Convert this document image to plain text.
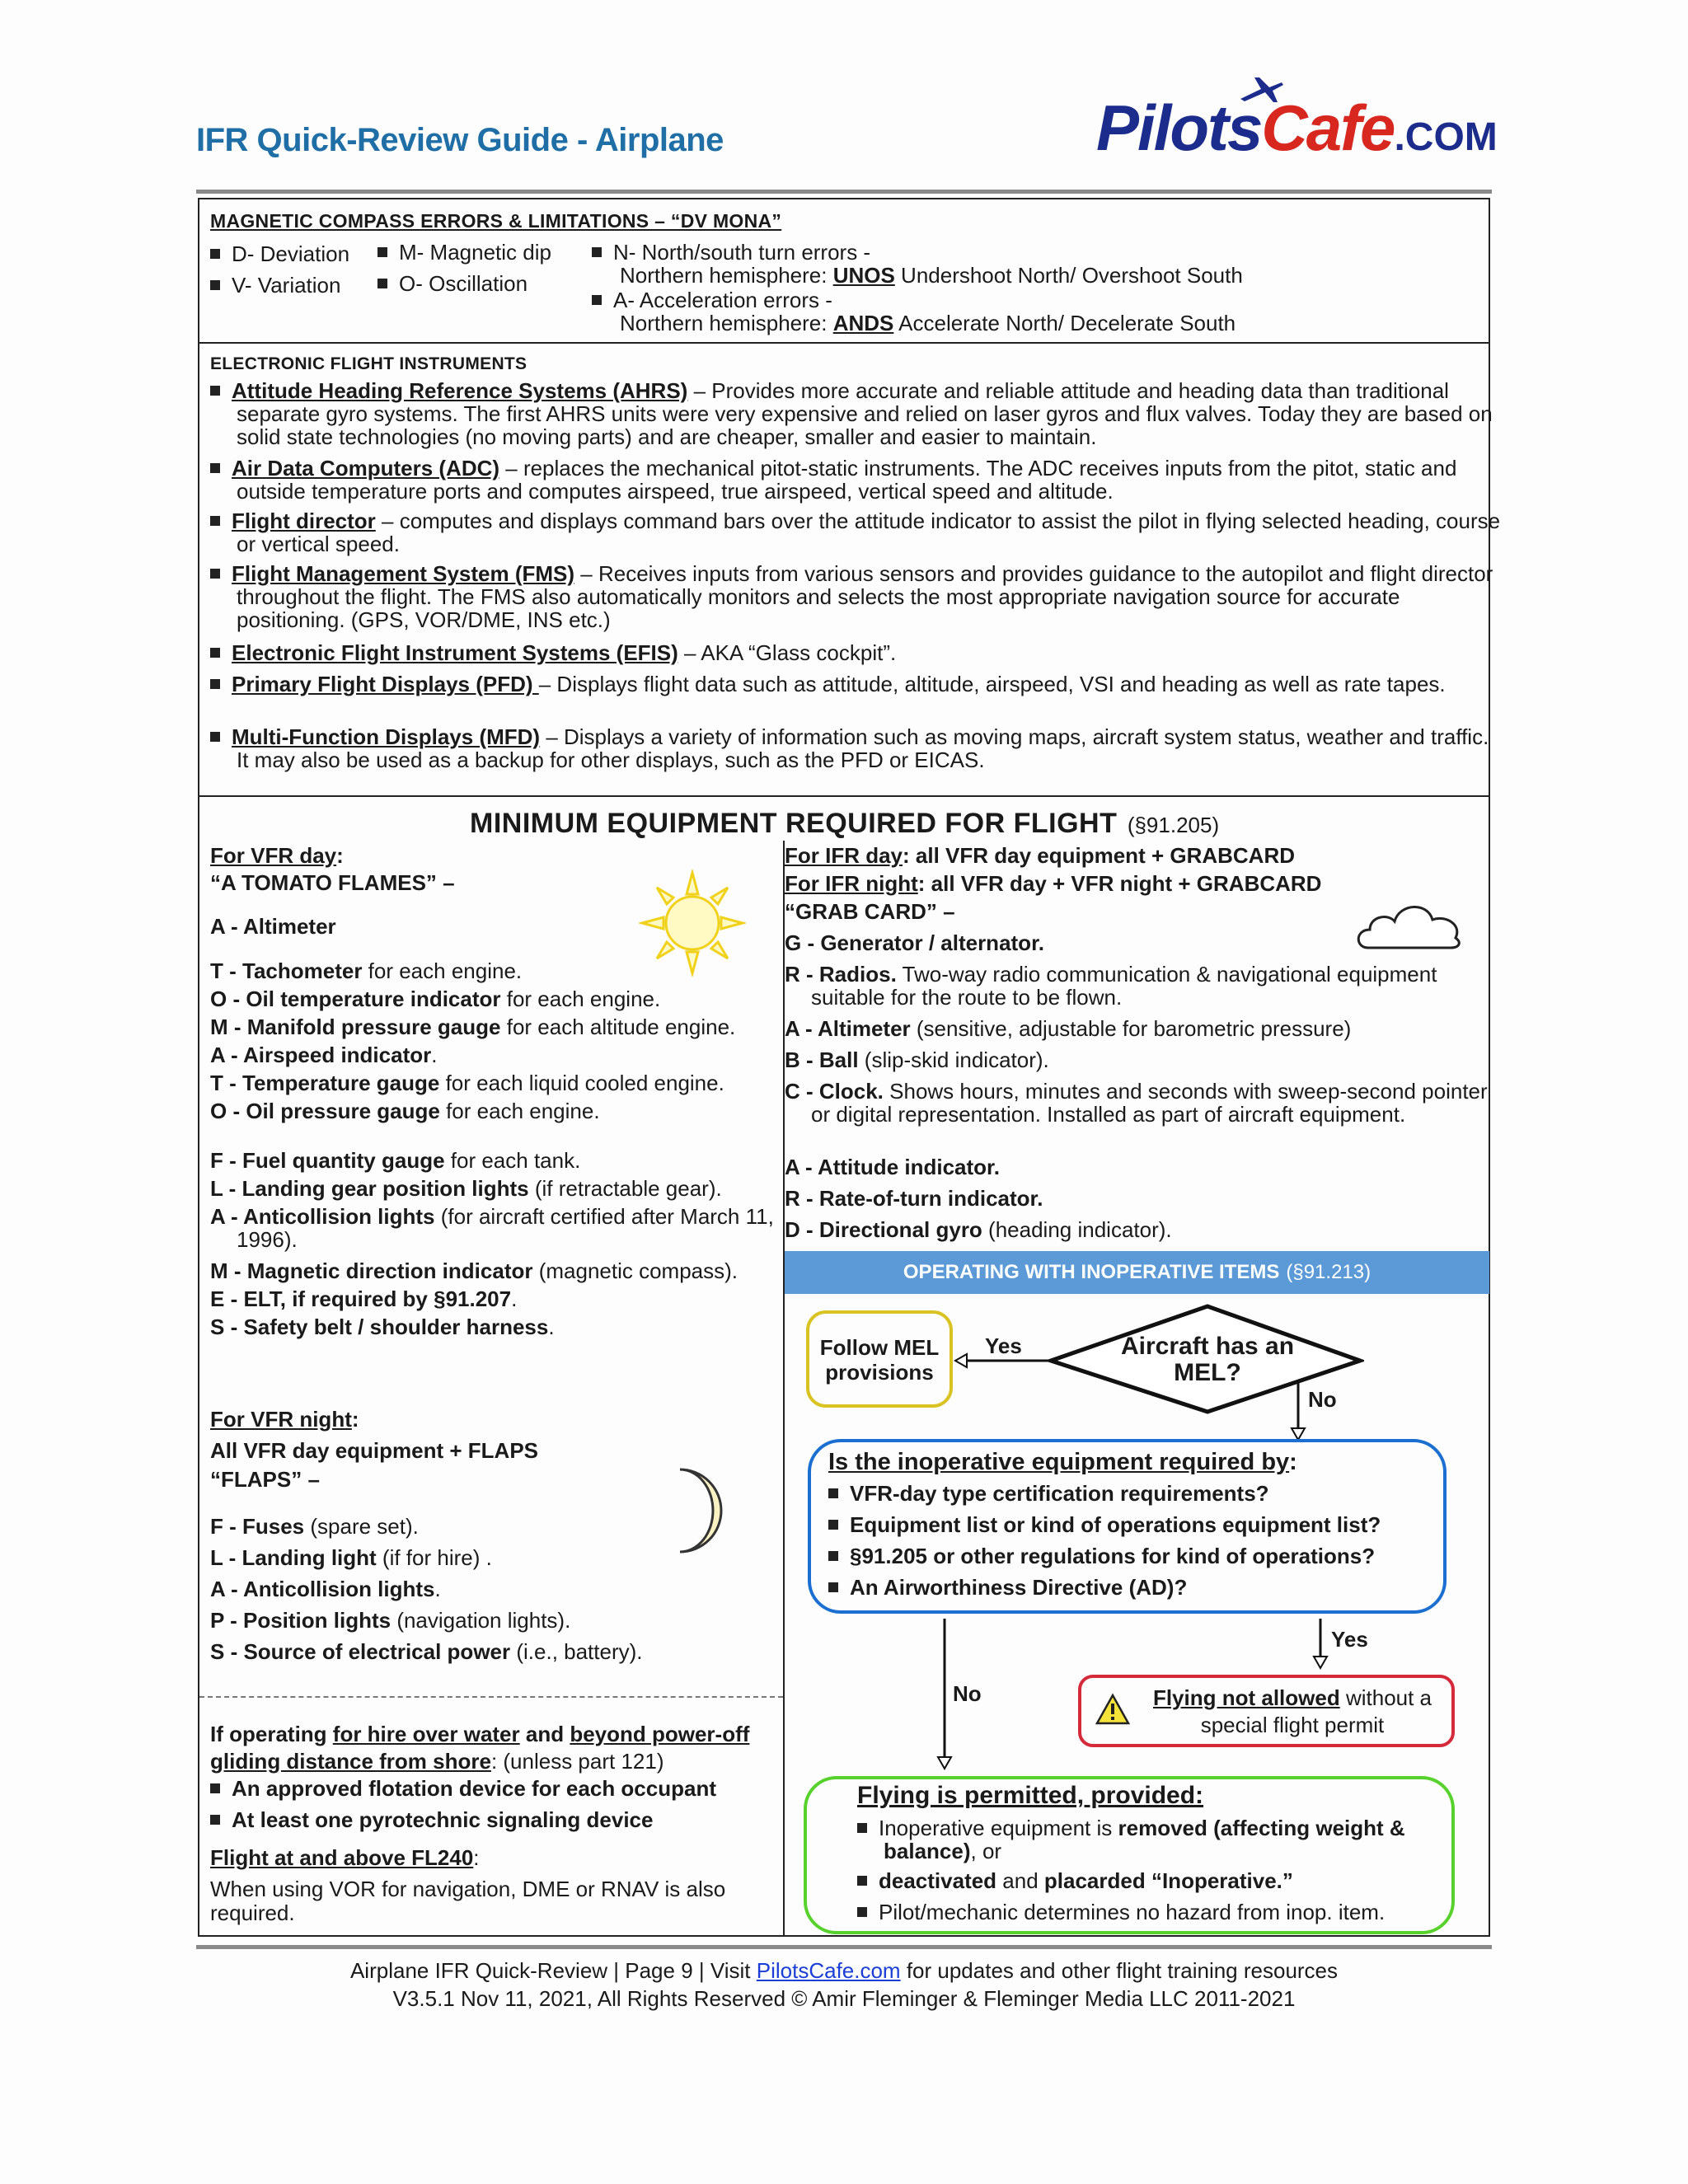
IFR Quick-Review Guide - Airplane	PilotsCafe.COM
MAGNETIC COMPASS ERRORS & LIMITATIONS – “DV MONA”
D- Deviation
V- Variation
M- Magnetic dip
O- Oscillation
N- North/south turn errors -
Northern hemisphere: UNOS Undershoot North/ Overshoot South
A- Acceleration errors -
Northern hemisphere: ANDS Accelerate North/ Decelerate South
ELECTRONIC FLIGHT INSTRUMENTS
Attitude Heading Reference Systems (AHRS) – Provides more accurate and reliable attitude and heading data than traditional separate gyro systems. The first AHRS units were very expensive and relied on laser gyros and flux valves. Today they are based on solid state technologies (no moving parts) and are cheaper, smaller and easier to maintain.
Air Data Computers (ADC) – replaces the mechanical pitot-static instruments. The ADC receives inputs from the pitot, static and outside temperature ports and computes airspeed, true airspeed, vertical speed and altitude.
Flight director – computes and displays command bars over the attitude indicator to assist the pilot in flying selected heading, course or vertical speed.
Flight Management System (FMS) – Receives inputs from various sensors and provides guidance to the autopilot and flight director throughout the flight. The FMS also automatically monitors and selects the most appropriate navigation source for accurate positioning. (GPS, VOR/DME, INS etc.)
Electronic Flight Instrument Systems (EFIS) – AKA “Glass cockpit”.
Primary Flight Displays (PFD) – Displays flight data such as attitude, altitude, airspeed, VSI and heading as well as rate tapes.
Multi-Function Displays (MFD) – Displays a variety of information such as moving maps, aircraft system status, weather and traffic. It may also be used as a backup for other displays, such as the PFD or EICAS.
MINIMUM EQUIPMENT REQUIRED FOR FLIGHT (§91.205)
For VFR day:
“A TOMATO FLAMES” –
A - Altimeter
T - Tachometer for each engine.
O - Oil temperature indicator for each engine.
M - Manifold pressure gauge for each altitude engine.
A - Airspeed indicator.
T - Temperature gauge for each liquid cooled engine.
O - Oil pressure gauge for each engine.
F - Fuel quantity gauge for each tank.
L - Landing gear position lights (if retractable gear).
A - Anticollision lights (for aircraft certified after March 11, 1996).
M - Magnetic direction indicator (magnetic compass).
E - ELT, if required by §91.207.
S - Safety belt / shoulder harness.
For VFR night:
All VFR day equipment + FLAPS
“FLAPS” –
F - Fuses (spare set).
L - Landing light (if for hire) .
A - Anticollision lights.
P - Position lights (navigation lights).
S - Source of electrical power (i.e., battery).
If operating for hire over water and beyond power-off gliding distance from shore: (unless part 121)
An approved flotation device for each occupant
At least one pyrotechnic signaling device
Flight at and above FL240:
When using VOR for navigation, DME or RNAV is also required.
For IFR day: all VFR day equipment + GRABCARD
For IFR night: all VFR day + VFR night + GRABCARD
“GRAB CARD” –
G - Generator / alternator.
R - Radios. Two-way radio communication & navigational equipment suitable for the route to be flown.
A - Altimeter (sensitive, adjustable for barometric pressure)
B - Ball (slip-skid indicator).
C - Clock. Shows hours, minutes and seconds with sweep-second pointer or digital representation. Installed as part of aircraft equipment.
A - Attitude indicator.
R - Rate-of-turn indicator.
D - Directional gyro (heading indicator).
OPERATING WITH INOPERATIVE ITEMS (§91.213)
Follow MEL provisions
Yes	Aircraft has an MEL?
No
Is the inoperative equipment required by:
VFR-day type certification requirements?
Equipment list or kind of operations equipment list?
§91.205 or other regulations for kind of operations?
An Airworthiness Directive (AD)?
Yes
No	Flying not allowed without a special flight permit
Flying is permitted, provided:
Inoperative equipment is removed (affecting weight & balance), or
deactivated and placarded “Inoperative.”
Pilot/mechanic determines no hazard from inop. item.
Airplane IFR Quick-Review | Page 9 | Visit PilotsCafe.com for updates and other flight training resources
V3.5.1 Nov 11, 2021, All Rights Reserved © Amir Fleminger & Fleminger Media LLC 2011-2021
